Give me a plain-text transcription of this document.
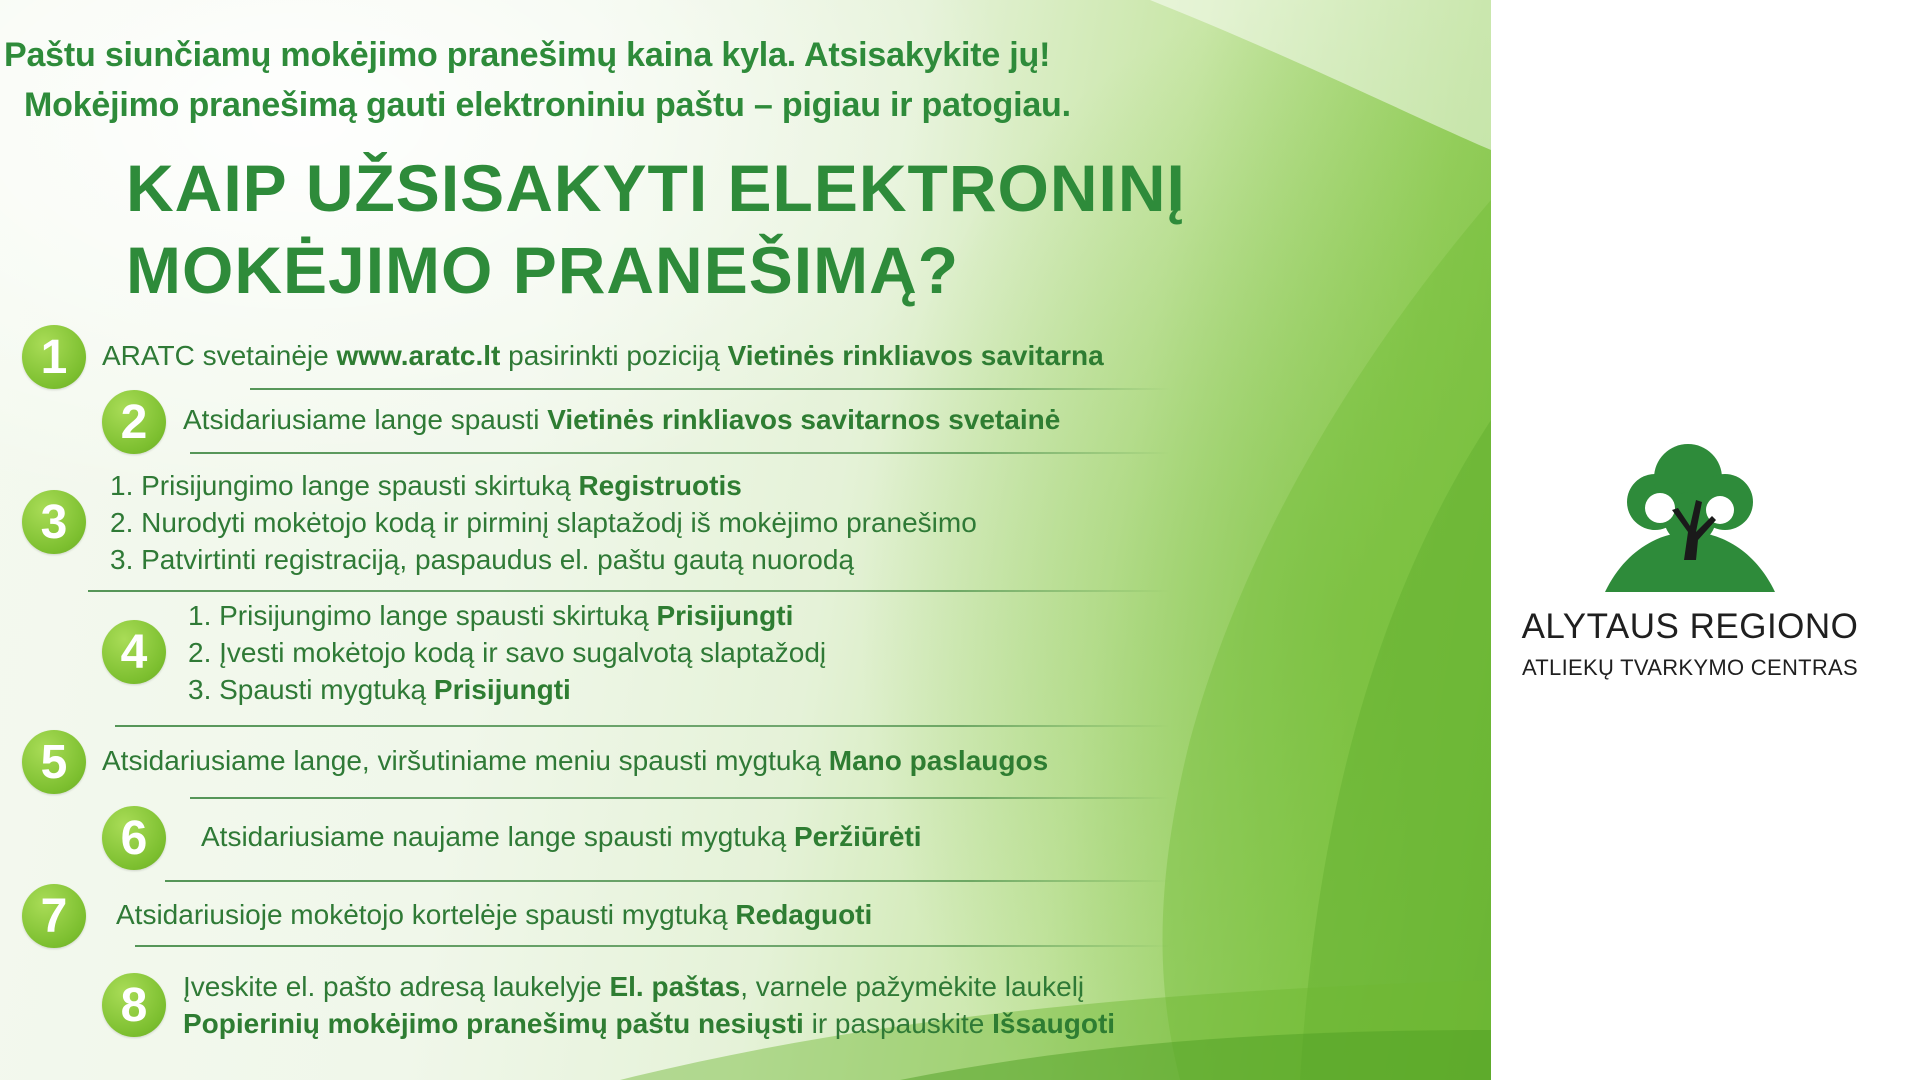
Paštu siunčiamų mokėjimo pranešimų kaina kyla. Atsisakykite jų!
Mokėjimo pranešimą gauti elektroniniu paštu – pigiau ir patogiau.
KAIP UŽSISAKYTI ELEKTRONINĮ
MOKĖJIMO PRANEŠIMĄ?
1	ARATC svetainėje www.aratc.lt pasirinkti poziciją Vietinės rinkliavos savitarna
2	Atsidariusiame lange spausti Vietinės rinkliavos savitarnos svetainė
3
1. Prisijungimo lange spausti skirtuką Registruotis
2. Nurodyti mokėtojo kodą ir pirminį slaptažodį iš mokėjimo pranešimo
3. Patvirtinti registraciją, paspaudus el. paštu gautą nuorodą
4
1. Prisijungimo lange spausti skirtuką Prisijungti
2. Įvesti mokėtojo kodą ir savo sugalvotą slaptažodį
3. Spausti mygtuką Prisijungti
5	Atsidariusiame lange, viršutiniame meniu spausti mygtuką Mano paslaugos
6	Atsidariusiame naujame lange spausti mygtuką Peržiūrėti
7	Atsidariusioje mokėtojo kortelėje spausti mygtuką Redaguoti
8	Įveskite el. pašto adresą laukelyje El. paštas, varnele pažymėkite laukelį
Popierinių mokėjimo pranešimų paštu nesiųsti ir paspauskite Išsaugoti
ALYTAUS REGIONO
ATLIEKŲ TVARKYMO CENTRAS
